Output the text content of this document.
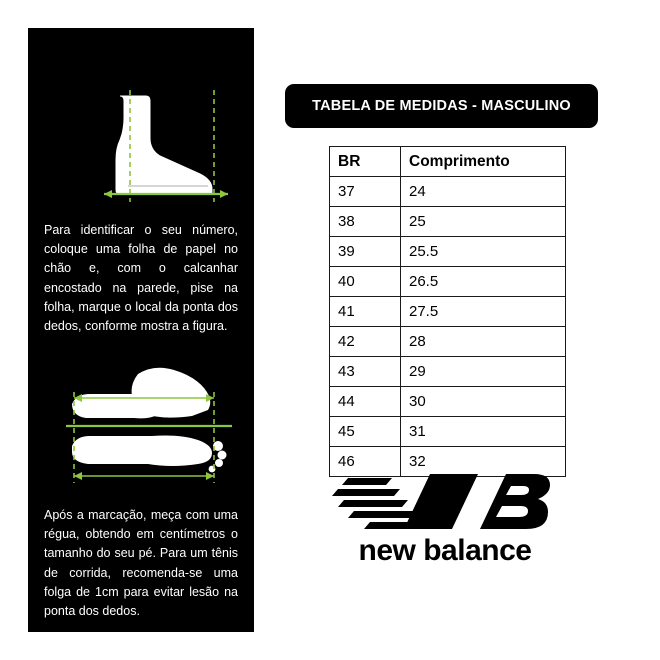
Para identificar o seu número, coloque uma folha de papel no chão e, com o calcanhar encostado na parede, pise na folha, marque o local da ponta dos dedos, conforme mostra a figura.

Após a marcação, meça com uma régua, obtendo em centímetros o tamanho do seu pé. Para um tênis de corrida, recomenda-se uma folga de 1cm para evitar lesão na ponta dos dedos.

TABELA DE MEDIDAS - MASCULINO
BR	Comprimento
37	24
38	25
39	25.5
40	26.5
41	27.5
42	28
43	29
44	30
45	31
46	32
new balance
